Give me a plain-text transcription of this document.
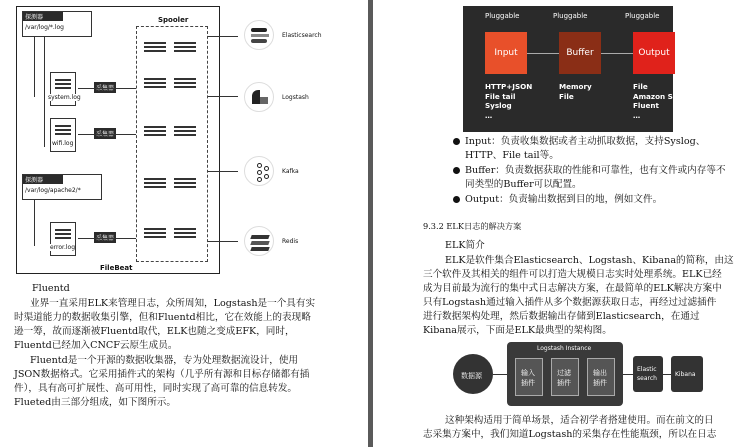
探测器
/var/log/*.log
system.log
wifi.log
探测器
/var/log/apache2/*
error.log
Spooler
FileBeat
Elasticsearch
Logstash
Kafka
Redis
Fluentd
业界一直采用ELK来管理日志，众所周知，Logstash是一个具有实
时渠道能力的数据收集引擎，但和Fluentd相比，它在效能上的表现略
逊一筹，故而逐渐被Fluentd取代，ELK也随之变成EFK，同时，
Fluentd已经加入CNCF云原生成员。
Fluentd是一个开源的数据收集器，专为处理数据流设计，使用
JSON数据格式。它采用插件式的架构（几乎所有源和目标存储都有插
件），具有高可扩展性、高可用性，同时实现了高可靠的信息转发。
Flueted由三部分组成，如下图所示。
Pluggable	Pluggable	Pluggable
Input	Buffer	Output
HTTP+JSON
File tail
Syslog
…
Memory
File
File
Amazon S3
Fluent
…
Input：负责收集数据或者主动抓取数据，支持Syslog、
HTTP、File tail等。
Buffer：负责数据获取的性能和可靠性，也有文件或内存等不
同类型的Buffer可以配置。
Output：负责输出数据到目的地，例如文件。
9.3.2 ELK日志的解决方案
ELK简介
ELK是软件集合Elasticsearch、Logstash、Kibana的简称，由这
三个软件及其相关的组件可以打造大规模日志实时处理系统。ELK已经
成为目前最为流行的集中式日志解决方案，在最简单的ELK解决方案中
只有Logstash通过输入插件从多个数据源获取日志，再经过过滤插件
进行数据架构处理，然后数据输出存储到Elasticsearch，在通过
Kibana展示，下面是ELK最典型的架构图。
数据源
Logstash Instance
输入
插件
过滤
插件
输出
插件
Elastic
search
Kibana
这种架构适用于简单场景，适合初学者搭建使用。而在前文的日
志采集方案中，我们知道Logstash的采集存在性能瓶颈，所以在日志
